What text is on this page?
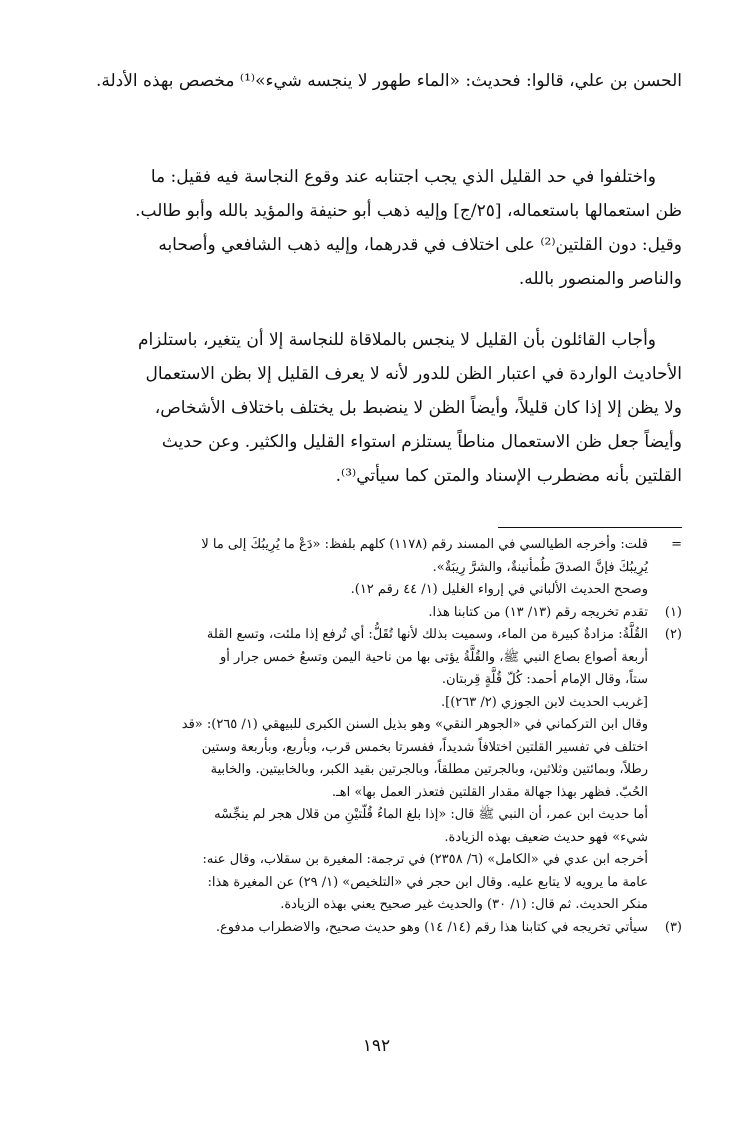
الحسن بن علي، قالوا: فحديث: «الماء طهور لا ينجسه شيء»⁽¹⁾ مخصص بهذه الأدلة.

واختلفوا في حد القليل الذي يجب اجتنابه عند وقوع النجاسة فيه فقيل: ما

ظن استعمالها باستعماله، [٢٥/ج] وإليه ذهب أبو حنيفة والمؤيد بالله وأبو طالب.

وقيل: دون القلتين⁽²⁾ على اختلاف في قدرهما، وإليه ذهب الشافعي وأصحابه

والناصر والمنصور بالله.

وأجاب القائلون بأن القليل لا ينجس بالملاقاة للنجاسة إلا أن يتغير، باستلزام

الأحاديث الواردة في اعتبار الظن للدور لأنه لا يعرف القليل إلا بظن الاستعمال

ولا يظن إلا إذا كان قليلاً، وأيضاً الظن لا ينضبط بل يختلف باختلاف الأشخاص،

وأيضاً جعل ظن الاستعمال مناطاً يستلزم استواء القليل والكثير. وعن حديث

القلتين بأنه مضطرب الإسناد والمتن كما سيأتي⁽³⁾.

=
قلت: وأخرجه الطيالسي في المسند رقم (١١٧٨) كلهم بلفظ: «دَعْ ما يُرِيبُكَ إلى ما لا
يُرِيبُكَ فإنَّ الصدقَ طُمأنينةٌ، والشرَّ رِيبَةٌ».
وصحح الحديث الألباني في إرواء الغليل (١/ ٤٤ رقم ١٢).
(١)
تقدم تخريجه رقم (١٣/ ١٣) من كتابنا هذا.
(٢)
القُلَّةُ: مزادةٌ كبيرة من الماء، وسميت بذلك لأنها تُقَلُّ: أي تُرفع إذا ملئت، وتسع القلة
أربعة أصواع بصاع النبي ﷺ، والقُلَّةُ يؤتى بها من ناحية اليمن وتسعُ خمس جرار أو
ستاً، وقال الإمام أحمد: كُلّ قُلَّةٍ قِربتان.
[غريب الحديث لابن الجوزي (٢/ ٢٦٣)].
وقال ابن التركماني في «الجوهر النقي» وهو بذيل السنن الكبرى للبيهقي (١/ ٢٦٥): «قد
اختلف في تفسير القلتين اختلافاً شديداً، ففسرتا بخمس قرب، وبأربع، وبأربعة وستين
رطلاً، وبمائتين وثلاثين، وبالجرتين مطلقاً، وبالجرتين بقيد الكبر، وبالخابيتين. والخابية
الحُبّ. فظهر بهذا جهالة مقدار القلتين فتعذر العمل بها» اهـ.
أما حديث ابن عمر، أن النبي ﷺ قال: «إذا بلغ الماءُ قُلّتيْنِ من قلال هجر لم ينجِّسْه
شيء» فهو حديث ضعيف بهذه الزيادة.
أخرجه ابن عدي في «الكامل» (٦/ ٢٣٥٨) في ترجمة: المغيرة بن سقلاب، وقال عنه:
عامة ما يرويه لا يتابع عليه. وقال ابن حجر في «التلخيص» (١/ ٢٩) عن المغيرة هذا:
منكر الحديث. ثم قال: (١/ ٣٠) والحديث غير صحيح يعني بهذه الزيادة.
(٣)
سيأتي تخريجه في كتابنا هذا رقم (١٤/ ١٤) وهو حديث صحيح، والاضطراب مدفوع.
١٩٢
